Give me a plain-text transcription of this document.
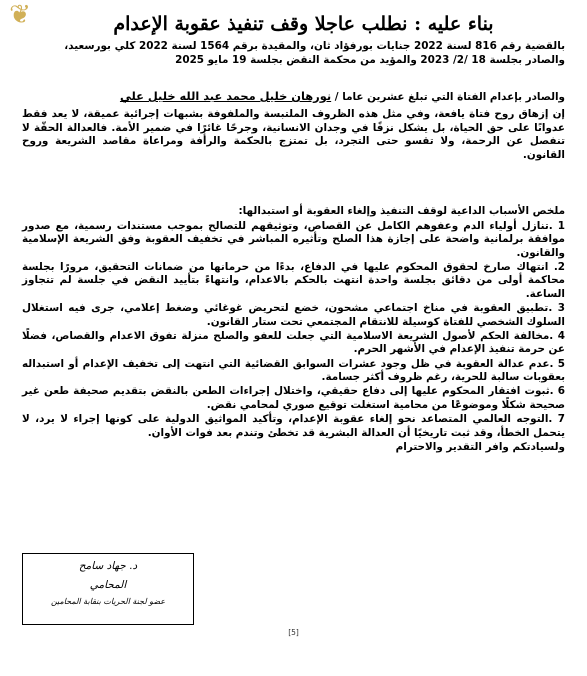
❦	بناء عليه : نطلب عاجلا وقف تنفيذ عقوبة الإعدام
بالقضية رقم 816 لسنة 2022 جنايات بورفؤاد ثان، والمقيدة برقم 1564 لسنة 2022 كلي بورسعيد،
والصادر بجلسة 18 /2/ 2023 والمؤيد من محكمة النقض بجلسة 19 مايو 2025
والصادر بإعدام الفتاة التي تبلغ عشرين عاما / نورهان خليل محمد عبد الله خليل علي
إن إزهاق روح فتاة يافعة، وفي مثل هذه الظروف الملتبسة والملفوفة بشبهات إجرائية عميقة، لا يعد فقط عدوانًا على حق الحياة، بل يشكل نزفًا في وجدان الانسانية، وجرحًا غائرًا في ضمير الأمة. فالعدالة الحقّة لا تنفصل عن الرحمة، ولا تقسو حتى التجرد، بل تمتزج بالحكمة والرأفة ومراعاة مقاصد الشريعة وروح القانون.
ملخص الأسباب الداعية لوقف التنفيذ وإلغاء العقوبة أو استبدالها:
1 .تنازل أولياء الدم وعفوهم الكامل عن القصاص، وتوثيقهم للتصالح بموجب مستندات رسمية، مع صدور موافقة برلمانية واضحة على إجازة هذا الصلح وتأثيره المباشر في تخفيف العقوبة وفق الشريعة الإسلامية والقانون.
2. انتهاك صارخ لحقوق المحكوم عليها في الدفاع، بدءًا من حرمانها من ضمانات التحقيق، مرورًا بجلسة محاكمة أولى من دقائق بجلسة واحدة انتهت بالحكم بالاعدام، وانتهاءً بتأييد النقض في جلسة لم تتجاوز الساعة.
3 .تطبيق العقوبة في مناخ اجتماعي مشحون، خضع لتحريض غوغائي وضغط إعلامي، جرى فيه استغلال السلوك الشخصي للفتاة كوسيلة للانتقام المجتمعي تحت ستار القانون.
4 .مخالفة الحكم لأصول الشريعة الاسلامية التي جعلت للعفو والصلح منزلة تفوق الاعدام والقصاص، فضلًا عن حرمة تنفيذ الإعدام في الأشهر الحرم.
5 .عدم عدالة العقوبة في ظل وجود عشرات السوابق القضائية التي انتهت إلى تخفيف الإعدام أو استبداله بعقوبات سالبة للحرية، رغم ظروف أكثر جسامة.
6 .ثبوت افتقار المحكوم عليها إلى دفاع حقيقي، واختلال إجراءات الطعن بالنقض بتقديم صحيفة طعن غير صحيحة شكلًا وموضوعًا من محامية استغلت توقيع صوري لمحامي نقض.
7 .التوجه العالمي المتصاعد نحو إلغاء عقوبة الإعدام، وتأكيد المواثيق الدولية على كونها إجراء لا يرد، لا يتحمل الخطأ، وقد ثبت تاريخيًا أن العدالة البشرية قد تخطئ وتندم بعد فوات الأوان.
ولسيادتكم وافر التقدير والاحترام
د. جهاد سامح
المحامي
عضو لجنة الحريات بنقابة المحامين
[5]
